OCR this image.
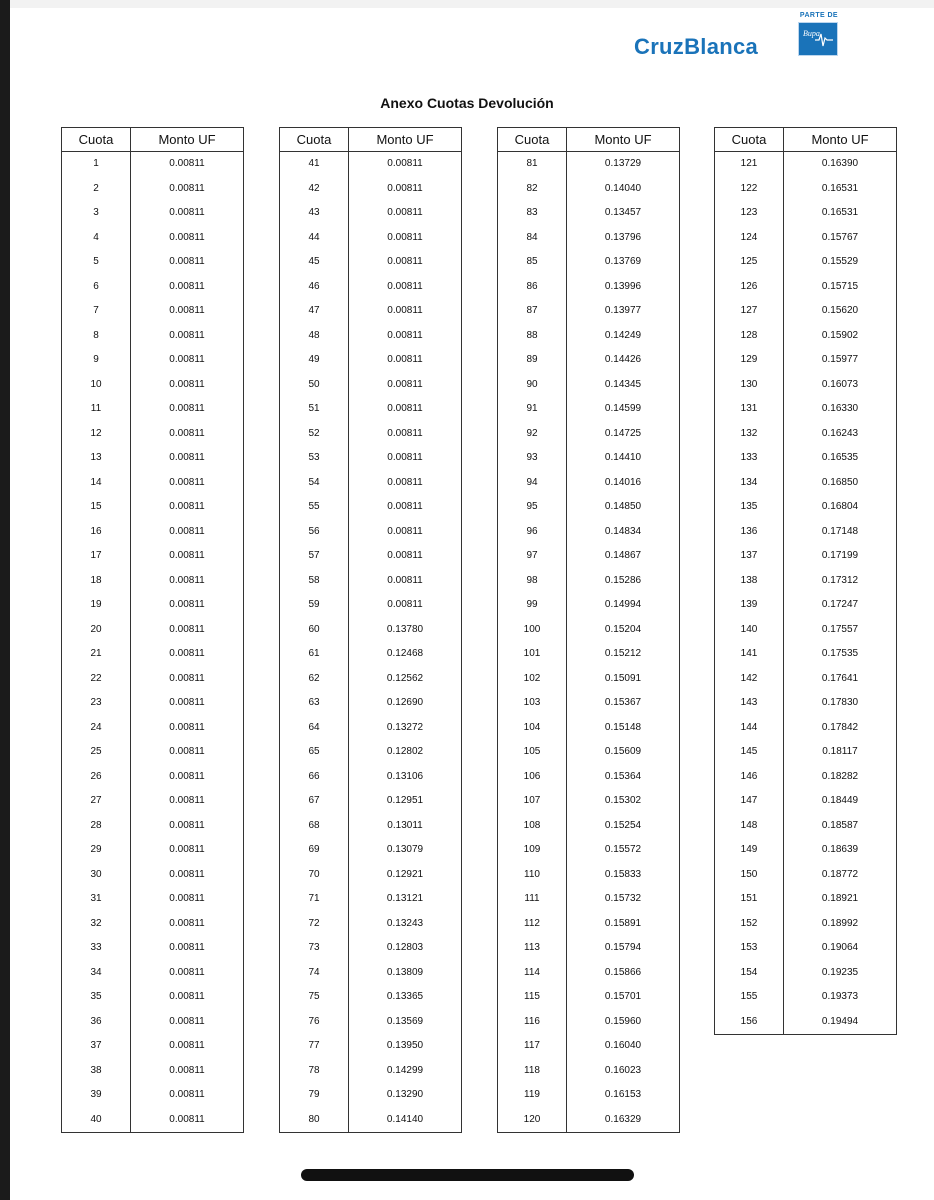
CruzBlanca
PARTE DE
Bupa
Anexo Cuotas Devolución
Cuota	Monto UF
1	0.00811
2	0.00811
3	0.00811
4	0.00811
5	0.00811
6	0.00811
7	0.00811
8	0.00811
9	0.00811
10	0.00811
11	0.00811
12	0.00811
13	0.00811
14	0.00811
15	0.00811
16	0.00811
17	0.00811
18	0.00811
19	0.00811
20	0.00811
21	0.00811
22	0.00811
23	0.00811
24	0.00811
25	0.00811
26	0.00811
27	0.00811
28	0.00811
29	0.00811
30	0.00811
31	0.00811
32	0.00811
33	0.00811
34	0.00811
35	0.00811
36	0.00811
37	0.00811
38	0.00811
39	0.00811
40	0.00811
Cuota	Monto UF
41	0.00811
42	0.00811
43	0.00811
44	0.00811
45	0.00811
46	0.00811
47	0.00811
48	0.00811
49	0.00811
50	0.00811
51	0.00811
52	0.00811
53	0.00811
54	0.00811
55	0.00811
56	0.00811
57	0.00811
58	0.00811
59	0.00811
60	0.13780
61	0.12468
62	0.12562
63	0.12690
64	0.13272
65	0.12802
66	0.13106
67	0.12951
68	0.13011
69	0.13079
70	0.12921
71	0.13121
72	0.13243
73	0.12803
74	0.13809
75	0.13365
76	0.13569
77	0.13950
78	0.14299
79	0.13290
80	0.14140
Cuota	Monto UF
81	0.13729
82	0.14040
83	0.13457
84	0.13796
85	0.13769
86	0.13996
87	0.13977
88	0.14249
89	0.14426
90	0.14345
91	0.14599
92	0.14725
93	0.14410
94	0.14016
95	0.14850
96	0.14834
97	0.14867
98	0.15286
99	0.14994
100	0.15204
101	0.15212
102	0.15091
103	0.15367
104	0.15148
105	0.15609
106	0.15364
107	0.15302
108	0.15254
109	0.15572
110	0.15833
111	0.15732
112	0.15891
113	0.15794
114	0.15866
115	0.15701
116	0.15960
117	0.16040
118	0.16023
119	0.16153
120	0.16329
Cuota	Monto UF
121	0.16390
122	0.16531
123	0.16531
124	0.15767
125	0.15529
126	0.15715
127	0.15620
128	0.15902
129	0.15977
130	0.16073
131	0.16330
132	0.16243
133	0.16535
134	0.16850
135	0.16804
136	0.17148
137	0.17199
138	0.17312
139	0.17247
140	0.17557
141	0.17535
142	0.17641
143	0.17830
144	0.17842
145	0.18117
146	0.18282
147	0.18449
148	0.18587
149	0.18639
150	0.18772
151	0.18921
152	0.18992
153	0.19064
154	0.19235
155	0.19373
156	0.19494
